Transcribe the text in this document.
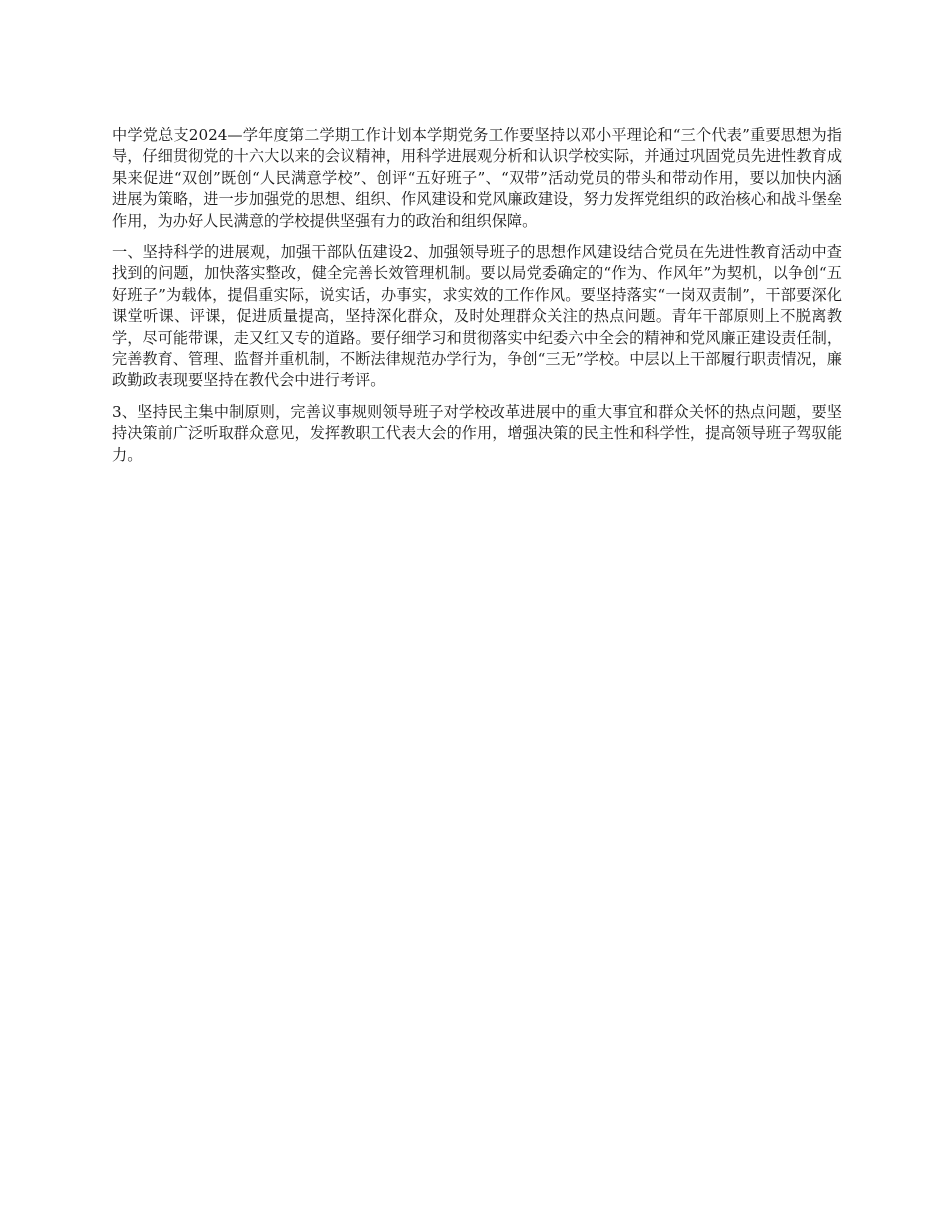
中学党总支2024—学年度第二学期工作计划本学期党务工作要坚持以邓小平理论和“三个代表”重要思想为指导，仔细贯彻党的十六大以来的会议精神，用科学进展观分析和认识学校实际，并通过巩固党员先进性教育成果来促进“双创”既创“人民满意学校”、创评“五好班子”、“双带”活动党员的带头和带动作用，要以加快内涵进展为策略，进一步加强党的思想、组织、作风建设和党风廉政建设，努力发挥党组织的政治核心和战斗堡垒作用，为办好人民满意的学校提供坚强有力的政治和组织保障。

一、坚持科学的进展观，加强干部队伍建设2、加强领导班子的思想作风建设结合党员在先进性教育活动中查找到的问题，加快落实整改，健全完善长效管理机制。要以局党委确定的“作为、作风年”为契机，以争创“五好班子”为载体，提倡重实际，说实话，办事实，求实效的工作作风。要坚持落实“一岗双责制”，干部要深化课堂听课、评课，促进质量提高，坚持深化群众，及时处理群众关注的热点问题。青年干部原则上不脱离教学，尽可能带课，走又红又专的道路。要仔细学习和贯彻落实中纪委六中全会的精神和党风廉正建设责任制，完善教育、管理、监督并重机制，不断法律规范办学行为，争创“三无”学校。中层以上干部履行职责情况，廉政勤政表现要坚持在教代会中进行考评。

3、坚持民主集中制原则，完善议事规则领导班子对学校改革进展中的重大事宜和群众关怀的热点问题，要坚持决策前广泛听取群众意见，发挥教职工代表大会的作用，增强决策的民主性和科学性，提高领导班子驾驭能力。
